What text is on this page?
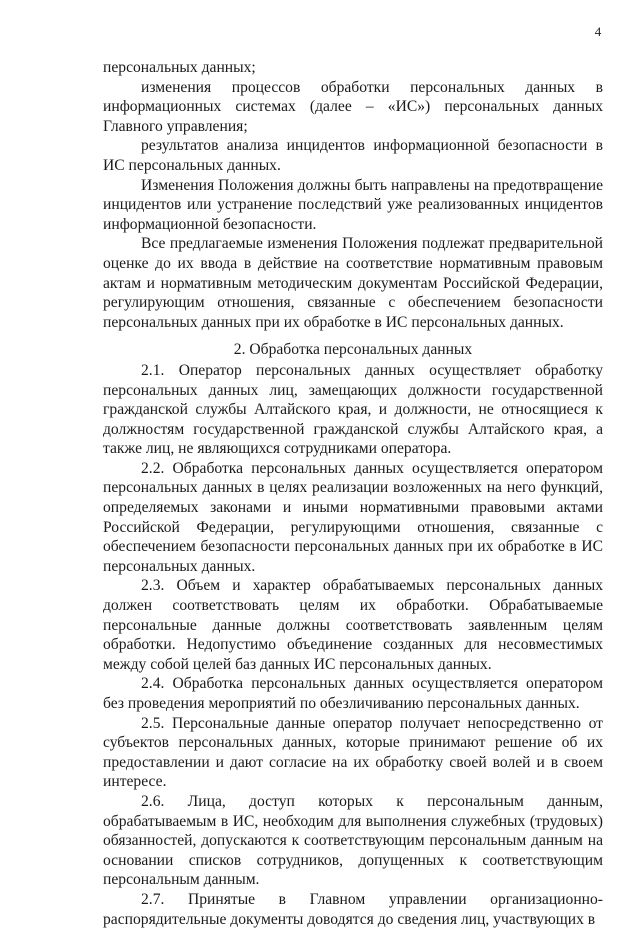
4

персональных данных;

изменения процессов обработки персональных данных в информационных системах (далее – «ИС») персональных данных Главного управления;

результатов анализа инцидентов информационной безопасности в ИС персональных данных.

Изменения Положения должны быть направлены на предотвращение инцидентов или устранение последствий уже реализованных инцидентов информационной безопасности.

Все предлагаемые изменения Положения подлежат предварительной оценке до их ввода в действие на соответствие нормативным правовым актам и нормативным методическим документам Российской Федерации, регулирующим отношения, связанные с обеспечением безопасности персональных данных при их обработке в ИС персональных данных.

2. Обработка персональных данных

2.1. Оператор персональных данных осуществляет обработку персональных данных лиц, замещающих должности государственной гражданской службы Алтайского края, и должности, не относящиеся к должностям государственной гражданской службы Алтайского края, а также лиц, не являющихся сотрудниками оператора.

2.2. Обработка персональных данных осуществляется оператором персональных данных в целях реализации возложенных на него функций, определяемых законами и иными нормативными правовыми актами Российской Федерации, регулирующими отношения, связанные с обеспечением безопасности персональных данных при их обработке в ИС персональных данных.

2.3. Объем и характер обрабатываемых персональных данных должен соответствовать целям их обработки. Обрабатываемые персональные данные должны соответствовать заявленным целям обработки. Недопустимо объединение созданных для несовместимых между собой целей баз данных ИС персональных данных.

2.4. Обработка персональных данных осуществляется оператором без проведения мероприятий по обезличиванию персональных данных.

2.5. Персональные данные оператор получает непосредственно от субъектов персональных данных, которые принимают решение об их предоставлении и дают согласие на их обработку своей волей и в своем интересе.

2.6. Лица, доступ которых к персональным данным, обрабатываемым в ИС, необходим для выполнения служебных (трудовых) обязанностей, допускаются к соответствующим персональным данным на основании списков сотрудников, допущенных к соответствующим персональным данным.

2.7. Принятые в Главном управлении организационно-распорядительные документы доводятся до сведения лиц, участвующих в
